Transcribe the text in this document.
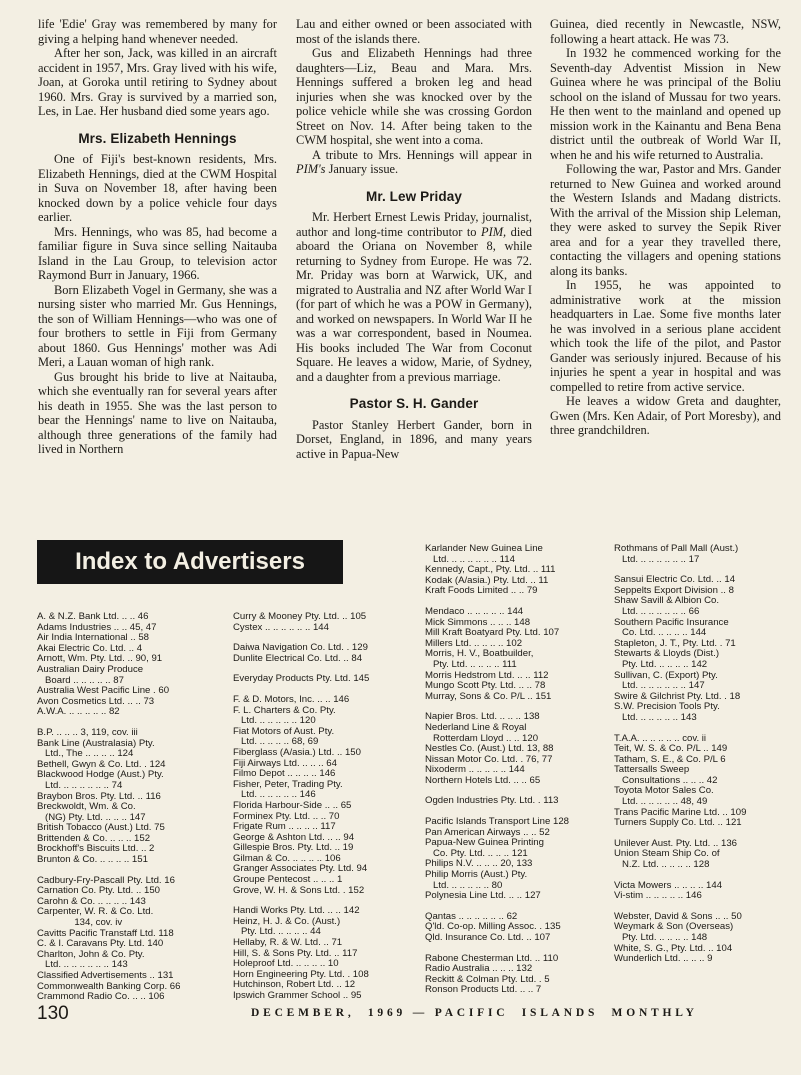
life 'Edie' Gray was remembered by many for giving a helping hand whenever needed.

After her son, Jack, was killed in an aircraft accident in 1957, Mrs. Gray lived with his wife, Joan, at Goroka until retiring to Sydney about 1960. Mrs. Gray is survived by a married son, Les, in Lae. Her husband died some years ago.

Mrs. Elizabeth Hennings

One of Fiji's best-known residents, Mrs. Elizabeth Hennings, died at the CWM Hospital in Suva on November 18, after having been knocked down by a police vehicle four days earlier.

Mrs. Hennings, who was 85, had become a familiar figure in Suva since selling Naitauba Island in the Lau Group, to television actor Raymond Burr in January, 1966.

Born Elizabeth Vogel in Germany, she was a nursing sister who married Mr. Gus Hennings, the son of William Hennings—who was one of four brothers to settle in Fiji from Germany about 1860. Gus Hennings' mother was Adi Meri, a Lauan woman of high rank.

Gus brought his bride to live at Naitauba, which she eventually ran for several years after his death in 1955. She was the last person to bear the Hennings' name to live on Naitauba, although three generations of the family had lived in Northern

Lau and either owned or been associated with most of the islands there.

Gus and Elizabeth Hennings had three daughters—Liz, Beau and Mara. Mrs. Hennings suffered a broken leg and head injuries when she was knocked over by the police vehicle while she was crossing Gordon Street on Nov. 14. After being taken to the CWM hospital, she went into a coma.

A tribute to Mrs. Hennings will appear in PIM's January issue.

Mr. Lew Priday

Mr. Herbert Ernest Lewis Priday, journalist, author and long-time contributor to PIM, died aboard the Oriana on November 8, while returning to Sydney from Europe. He was 72. Mr. Priday was born at Warwick, UK, and migrated to Australia and NZ after World War I (for part of which he was a POW in Germany), and worked on newspapers. In World War II he was a war correspondent, based in Noumea. His books included The War from Coconut Square. He leaves a widow, Marie, of Sydney, and a daughter from a previous marriage.

Pastor S. H. Gander

Pastor Stanley Herbert Gander, born in Dorset, England, in 1896, and many years active in Papua-New

Guinea, died recently in Newcastle, NSW, following a heart attack. He was 73.

In 1932 he commenced working for the Seventh-day Adventist Mission in New Guinea where he was principal of the Boliu school on the island of Mussau for two years. He then went to the mainland and opened up mission work in the Kainantu and Bena Bena district until the outbreak of World War II, when he and his wife returned to Australia.

Following the war, Pastor and Mrs. Gander returned to New Guinea and worked around the Western Islands and Madang districts. With the arrival of the Mission ship Leleman, they were asked to survey the Sepik River area and for a year they travelled there, contacting the villagers and opening stations along its banks.

In 1955, he was appointed to administrative work at the mission headquarters in Lae. Some five months later he was involved in a serious plane accident which took the life of the pilot, and Pastor Gander was seriously injured. Because of his injuries he spent a year in hospital and was compelled to retire from active service.

He leaves a widow Greta and daughter, Gwen (Mrs. Ken Adair, of Port Moresby), and three grandchildren.

Index to Advertisers
A. & N.Z. Bank Ltd. .. .. 46
Adams Industries .. .. 45, 47
Air India International .. 58
Akai Electric Co. Ltd. .. 4
Arnott, Wm. Pty. Ltd. .. 90, 91
Australian Dairy Produce
Board .. .. .. .. .. 87
Australia West Pacific Line . 60
Avon Cosmetics Ltd. .. .. 73
A.W.A. .. .. .. .. .. 82
B.P. .. .. .. 3, 119, cov. iii
Bank Line (Australasia) Pty.
Ltd., The .. .. .. .. 124
Bethell, Gwyn & Co. Ltd. . 124
Blackwood Hodge (Aust.) Pty.
Ltd. .. .. .. .. .. .. 74
Braybon Bros. Pty. Ltd. .. 116
Breckwoldt, Wm. & Co.
(NG) Pty. Ltd. .. .. .. 147
British Tobacco (Aust.) Ltd. 75
Brittenden & Co. .. .. .. 152
Brockhoff's Biscuits Ltd. .. 2
Brunton & Co. .. .. .. .. 151
Cadbury-Fry-Pascall Pty. Ltd. 16
Carnation Co. Pty. Ltd. .. 150
Carohn & Co. .. .. .. .. 143
Carpenter, W. R. & Co. Ltd.
134, cov. iv
Cavitts Pacific Transtaff Ltd. 118
C. & I. Caravans Pty. Ltd. 140
Charlton, John & Co. Pty.
Ltd. .. .. .. .. .. .. 143
Classified Advertisements .. 131
Commonwealth Banking Corp. 66
Crammond Radio Co. .. .. 106
Curry & Mooney Pty. Ltd. .. 105
Cystex .. .. .. .. .. .. 144
Daiwa Navigation Co. Ltd. . 129
Dunlite Electrical Co. Ltd. .. 84
Everyday Products Pty. Ltd. 145
F. & D. Motors, Inc. .. .. 146
F. L. Charters & Co. Pty.
Ltd. .. .. .. .. .. 120
Fiat Motors of Aust. Pty.
Ltd. .. .. .. .. 68, 69
Fiberglass (A/asia.) Ltd. .. 150
Fiji Airways Ltd. .. .. .. 64
Filmo Depot .. .. .. .. 146
Fisher, Peter, Trading Pty.
Ltd. .. .. .. .. .. 146
Florida Harbour-Side .. .. 65
Forminex Pty. Ltd. .. .. 70
Frigate Rum .. .. .. .. 117
George & Ashton Ltd. .. .. 94
Gillespie Bros. Pty. Ltd. .. 19
Gilman & Co. .. .. .. .. 106
Granger Associates Pty. Ltd. 94
Groupe Pentecost .. .. .. 1
Grove, W. H. & Sons Ltd. . 152
Handi Works Pty. Ltd. .. .. 142
Heinz, H. J. & Co. (Aust.)
Pty. Ltd. .. .. .. .. 44
Hellaby, R. & W. Ltd. .. 71
Hill, S. & Sons Pty. Ltd. .. 117
Holeproof Ltd. .. .. .. .. 10
Horn Engineering Pty. Ltd. . 108
Hutchinson, Robert Ltd. .. 12
Ipswich Grammer School .. 95
Karlander New Guinea Line
Ltd. .. .. .. .. .. .. 114
Kennedy, Capt., Pty. Ltd. .. 111
Kodak (A/asia.) Pty. Ltd. .. 11
Kraft Foods Limited .. .. 79
Mendaco .. .. .. .. .. 144
Mick Simmons .. .. .. 148
Mill Kraft Boatyard Pty. Ltd. 107
Millers Ltd. .. .. .. .. 102
Morris, H. V., Boatbuilder,
Pty. Ltd. .. .. .. .. 111
Morris Hedstrom Ltd. .. .. 112
Mungo Scott Pty. Ltd. .. .. 78
Murray, Sons & Co. P/L .. 151
Napier Bros. Ltd. .. .. .. 138
Nederland Line & Royal
Rotterdam Lloyd .. .. 120
Nestles Co. (Aust.) Ltd. 13, 88
Nissan Motor Co. Ltd. . 76, 77
Nixoderm .. .. .. .. .. 144
Northern Hotels Ltd. .. .. 65
Ogden Industries Pty. Ltd. . 113
Pacific Islands Transport Line 128
Pan American Airways .. .. 52
Papua-New Guinea Printing
Co. Pty. Ltd. .. .. .. 121
Philips N.V. .. .. .. 20, 133
Philip Morris (Aust.) Pty.
Ltd. .. .. .. .. .. 80
Polynesia Line Ltd. .. .. 127
Qantas .. .. .. .. .. .. 62
Q'ld. Co-op. Milling Assoc. . 135
Qld. Insurance Co. Ltd. .. 107
Rabone Chesterman Ltd. .. 110
Radio Australia .. .. .. 132
Reckitt & Colman Pty. Ltd. . 5
Ronson Products Ltd. .. .. 7
Rothmans of Pall Mall (Aust.)
Ltd. .. .. .. .. .. .. 17
Sansui Electric Co. Ltd. .. 14
Seppelts Export Division .. 8
Shaw Savill & Albion Co.
Ltd. .. .. .. .. .. .. 66
Southern Pacific Insurance
Co. Ltd. .. .. .. .. 144
Stapleton, J. T., Pty. Ltd. . 71
Stewarts & Lloyds (Dist.)
Pty. Ltd. .. .. .. .. 142
Sullivan, C. (Export) Pty.
Ltd. .. .. .. .. .. .. 147
Swire & Gilchrist Pty. Ltd. . 18
S.W. Precision Tools Pty.
Ltd. .. .. .. .. .. 143
T.A.A. .. .. .. .. .. cov. ii
Teit, W. S. & Co. P/L .. 149
Tatham, S. E., & Co. P/L 6
Tattersalls Sweep
Consultations .. .. .. 42
Toyota Motor Sales Co.
Ltd. .. .. .. .. .. 48, 49
Trans Pacific Marine Ltd. .. 109
Turners Supply Co. Ltd. .. 121
Unilever Aust. Pty. Ltd. .. 136
Union Steam Ship Co. of
N.Z. Ltd. .. .. .. .. 128
Victa Mowers .. .. .. .. 144
Vi-stim .. .. .. .. .. 146
Webster, David & Sons .. .. 50
Weymark & Son (Overseas)
Pty. Ltd. .. .. .. .. 148
White, S. G., Pty. Ltd. .. 104
Wunderlich Ltd. .. .. .. 9
130	DECEMBER,  1969 — PACIFIC  ISLANDS  MONTHLY
